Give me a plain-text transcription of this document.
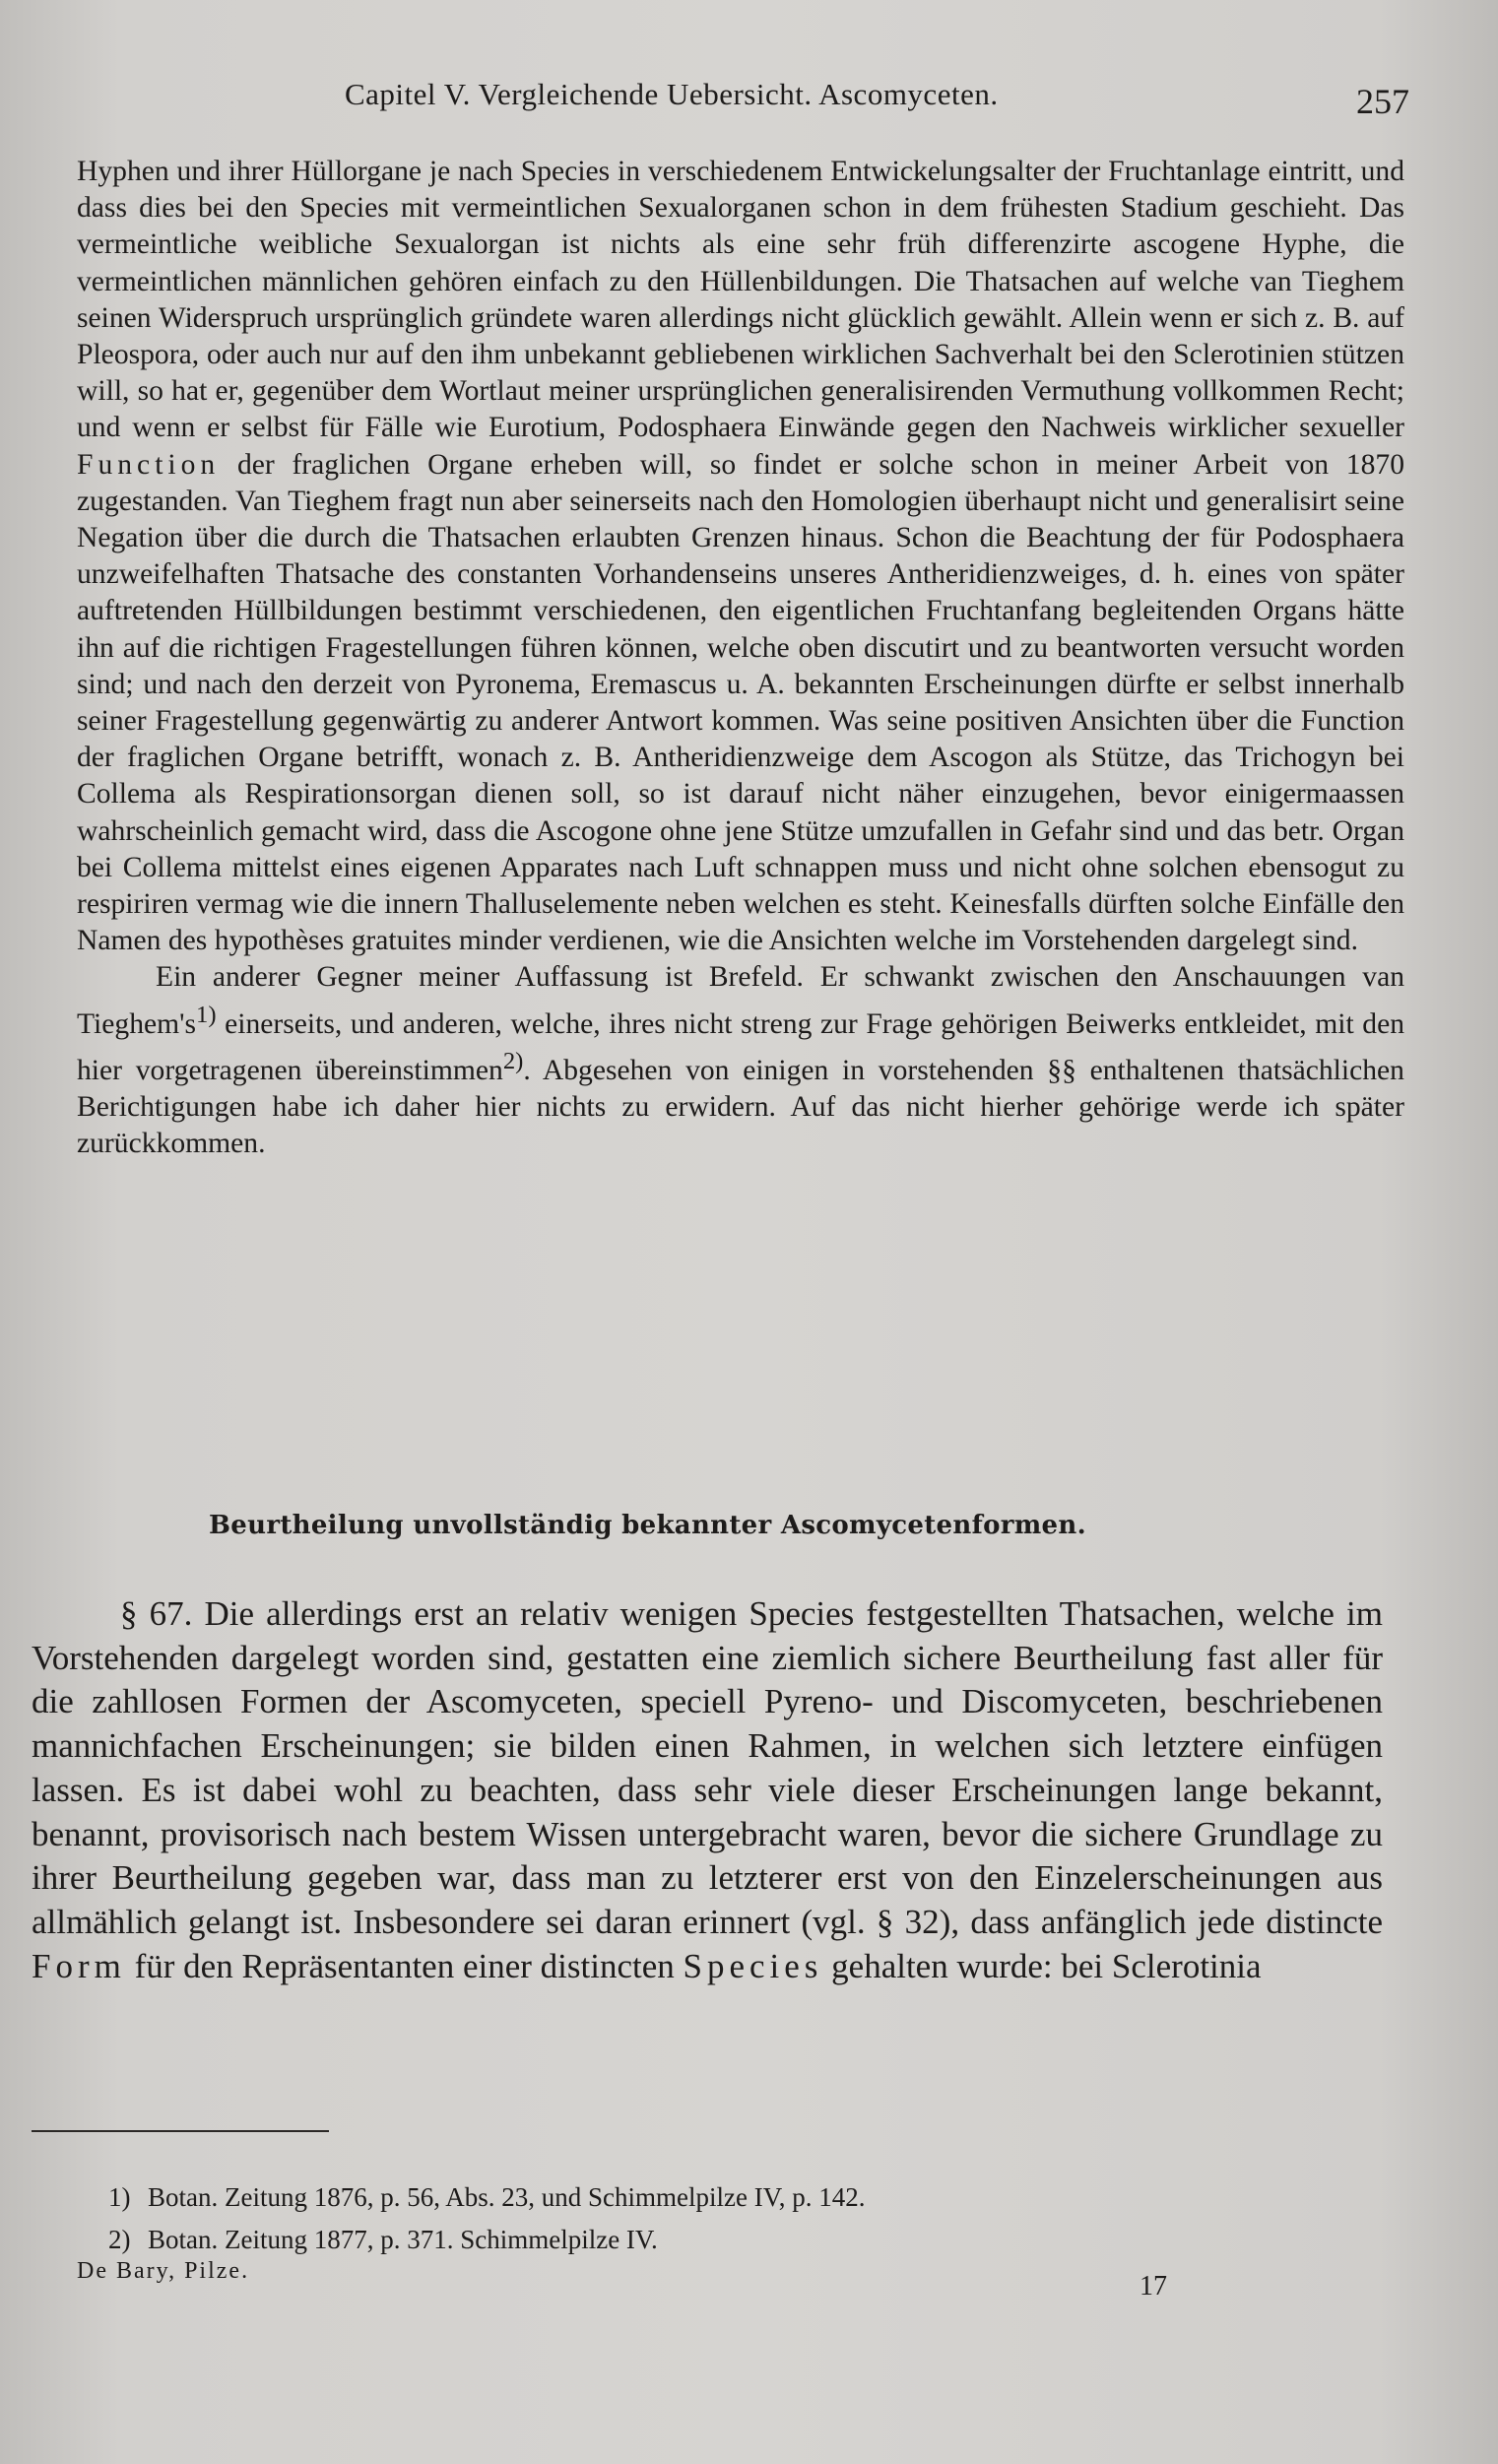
Capitel V. Vergleichende Uebersicht. Ascomyceten.	257

Hyphen und ihrer Hüllorgane je nach Species in verschiedenem Entwickelungsalter der Fruchtanlage eintritt, und dass dies bei den Species mit vermeintlichen Sexualorganen schon in dem frühesten Stadium geschieht. Das vermeintliche weibliche Sexualorgan ist nichts als eine sehr früh differenzirte ascogene Hyphe, die vermeintlichen männlichen gehören einfach zu den Hüllenbildungen. Die Thatsachen auf welche van Tieghem seinen Widerspruch ursprünglich gründete waren allerdings nicht glücklich gewählt. Allein wenn er sich z. B. auf Pleospora, oder auch nur auf den ihm unbekannt gebliebenen wirklichen Sachverhalt bei den Sclerotinien stützen will, so hat er, gegenüber dem Wortlaut meiner ursprünglichen generalisirenden Vermuthung vollkommen Recht; und wenn er selbst für Fälle wie Eurotium, Podosphaera Einwände gegen den Nachweis wirklicher sexueller Function der fraglichen Organe erheben will, so findet er solche schon in meiner Arbeit von 1870 zugestanden. Van Tieghem fragt nun aber seinerseits nach den Homologien überhaupt nicht und generalisirt seine Negation über die durch die Thatsachen erlaubten Grenzen hinaus. Schon die Beachtung der für Podosphaera unzweifelhaften Thatsache des constanten Vorhandenseins unseres Antheridienzweiges, d. h. eines von später auftretenden Hüllbildungen bestimmt verschiedenen, den eigentlichen Fruchtanfang begleitenden Organs hätte ihn auf die richtigen Fragestellungen führen können, welche oben discutirt und zu beantworten versucht worden sind; und nach den derzeit von Pyronema, Eremascus u. A. bekannten Erscheinungen dürfte er selbst innerhalb seiner Fragestellung gegenwärtig zu anderer Antwort kommen. Was seine positiven Ansichten über die Function der fraglichen Organe betrifft, wonach z. B. Antheridienzweige dem Ascogon als Stütze, das Trichogyn bei Collema als Respirationsorgan dienen soll, so ist darauf nicht näher einzugehen, bevor einigermaassen wahrscheinlich gemacht wird, dass die Ascogone ohne jene Stütze umzufallen in Gefahr sind und das betr. Organ bei Collema mittelst eines eigenen Apparates nach Luft schnappen muss und nicht ohne solchen ebensogut zu respiriren vermag wie die innern Thalluselemente neben welchen es steht. Keinesfalls dürften solche Einfälle den Namen des hypothèses gratuites minder verdienen, wie die Ansichten welche im Vorstehenden dargelegt sind.

Ein anderer Gegner meiner Auffassung ist Brefeld. Er schwankt zwischen den Anschauungen van $Tieghem's^{1)}$ einerseits, und anderen, welche, ihres nicht streng zur Frage gehörigen Beiwerks entkleidet, mit den hier vorgetragenen übereinstimmen$^{2)}$. Abgesehen von einigen in vorstehenden §§ enthaltenen thatsächlichen Berichtigungen habe ich daher hier nichts zu erwidern. Auf das nicht hierher gehörige werde ich später zurückkommen.

Beurtheilung unvollständig bekannter Ascomycetenformen.

§ 67. Die allerdings erst an relativ wenigen Species festgestellten Thatsachen, welche im Vorstehenden dargelegt worden sind, gestatten eine ziemlich sichere Beurtheilung fast aller für die zahllosen Formen der Ascomyceten, speciell Pyreno- und Discomyceten, beschriebenen mannichfachen Erscheinungen; sie bilden einen Rahmen, in welchen sich letztere einfügen lassen. Es ist dabei wohl zu beachten, dass sehr viele dieser Erscheinungen lange bekannt, benannt, provisorisch nach bestem Wissen untergebracht waren, bevor die sichere Grundlage zu ihrer Beurtheilung gegeben war, dass man zu letzterer erst von den Einzelerscheinungen aus allmählich gelangt ist. Insbesondere sei daran erinnert (vgl. § 32), dass anfänglich jede distincte Form für den Repräsentanten einer distincten Species gehalten wurde: bei Sclerotinia

1) Botan. Zeitung 1876, p. 56, Abs. 23, und Schimmelpilze IV, p. 142.
2) Botan. Zeitung 1877, p. 371. Schimmelpilze IV.
De Bary, Pilze.	17
